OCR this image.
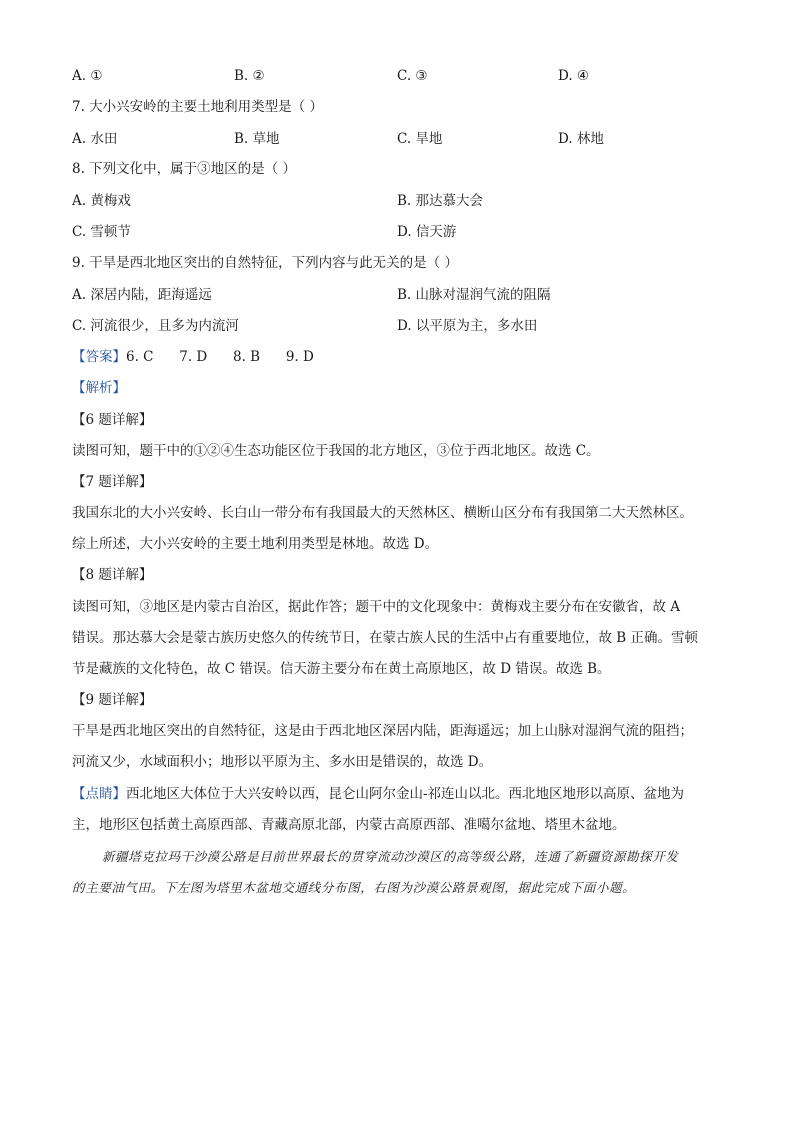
A. ①	B. ②	C. ③	D. ④
7. 大小兴安岭的主要土地利用类型是（ ）
A. 水田	B. 草地	C. 旱地	D. 林地
8. 下列文化中，属于③地区的是（ ）
A. 黄梅戏	B. 那达慕大会
C. 雪顿节	D. 信天游
9. 干旱是西北地区突出的自然特征，下列内容与此无关的是（ ）
A. 深居内陆，距海遥远	B. 山脉对湿润气流的阻隔
C. 河流很少，且多为内流河	D. 以平原为主，多水田
【答案】6. C      7. D      8. B      9. D
【解析】
【6 题详解】
读图可知，题干中的①②④生态功能区位于我国的北方地区，③位于西北地区。故选 C。
【7 题详解】
我国东北的大小兴安岭、长白山一带分布有我国最大的天然林区、横断山区分布有我国第二大天然林区。
综上所述，大小兴安岭的主要土地利用类型是林地。故选 D。
【8 题详解】
读图可知，③地区是内蒙古自治区，据此作答；题干中的文化现象中：黄梅戏主要分布在安徽省，故 A
错误。那达慕大会是蒙古族历史悠久的传统节日，在蒙古族人民的生活中占有重要地位，故 B 正确。雪顿
节是藏族的文化特色，故 C 错误。信天游主要分布在黄土高原地区，故 D 错误。故选 B。
【9 题详解】
干旱是西北地区突出的自然特征，这是由于西北地区深居内陆，距海遥远；加上山脉对湿润气流的阻挡；
河流又少，水域面积小；地形以平原为主、多水田是错误的，故选 D。
【点睛】西北地区大体位于大兴安岭以西，昆仑山阿尔金山-祁连山以北。西北地区地形以高原、盆地为
主，地形区包括黄土高原西部、青藏高原北部，内蒙古高原西部、准噶尔盆地、塔里木盆地。
新疆塔克拉玛干沙漠公路是目前世界最长的贯穿流动沙漠区的高等级公路，连通了新疆资源勘探开发
的主要油气田。下左图为塔里木盆地交通线分布图，右图为沙漠公路景观图，据此完成下面小题。
